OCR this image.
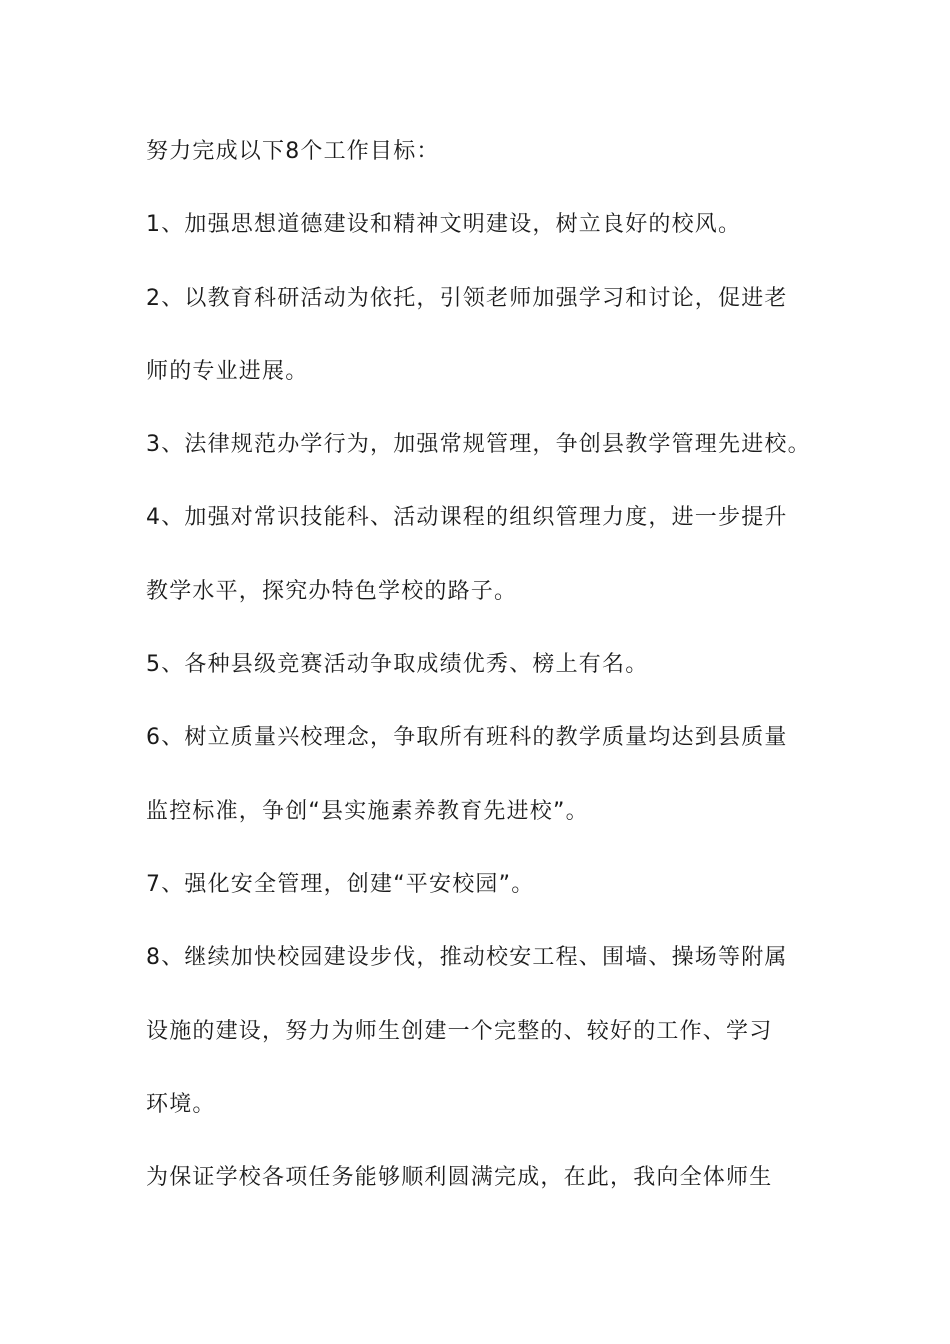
努力完成以下8个工作目标：
1、加强思想道德建设和精神文明建设，树立良好的校风。
2、以教育科研活动为依托，引领老师加强学习和讨论，促进老
师的专业进展。
3、法律规范办学行为，加强常规管理，争创县教学管理先进校。
4、加强对常识技能科、活动课程的组织管理力度，进一步提升
教学水平，探究办特色学校的路子。
5、各种县级竞赛活动争取成绩优秀、榜上有名。
6、树立质量兴校理念，争取所有班科的教学质量均达到县质量
监控标准，争创“县实施素养教育先进校”。
7、强化安全管理，创建“平安校园”。
8、继续加快校园建设步伐，推动校安工程、围墙、操场等附属
设施的建设，努力为师生创建一个完整的、较好的工作、学习
环境。
为保证学校各项任务能够顺利圆满完成，在此，我向全体师生
